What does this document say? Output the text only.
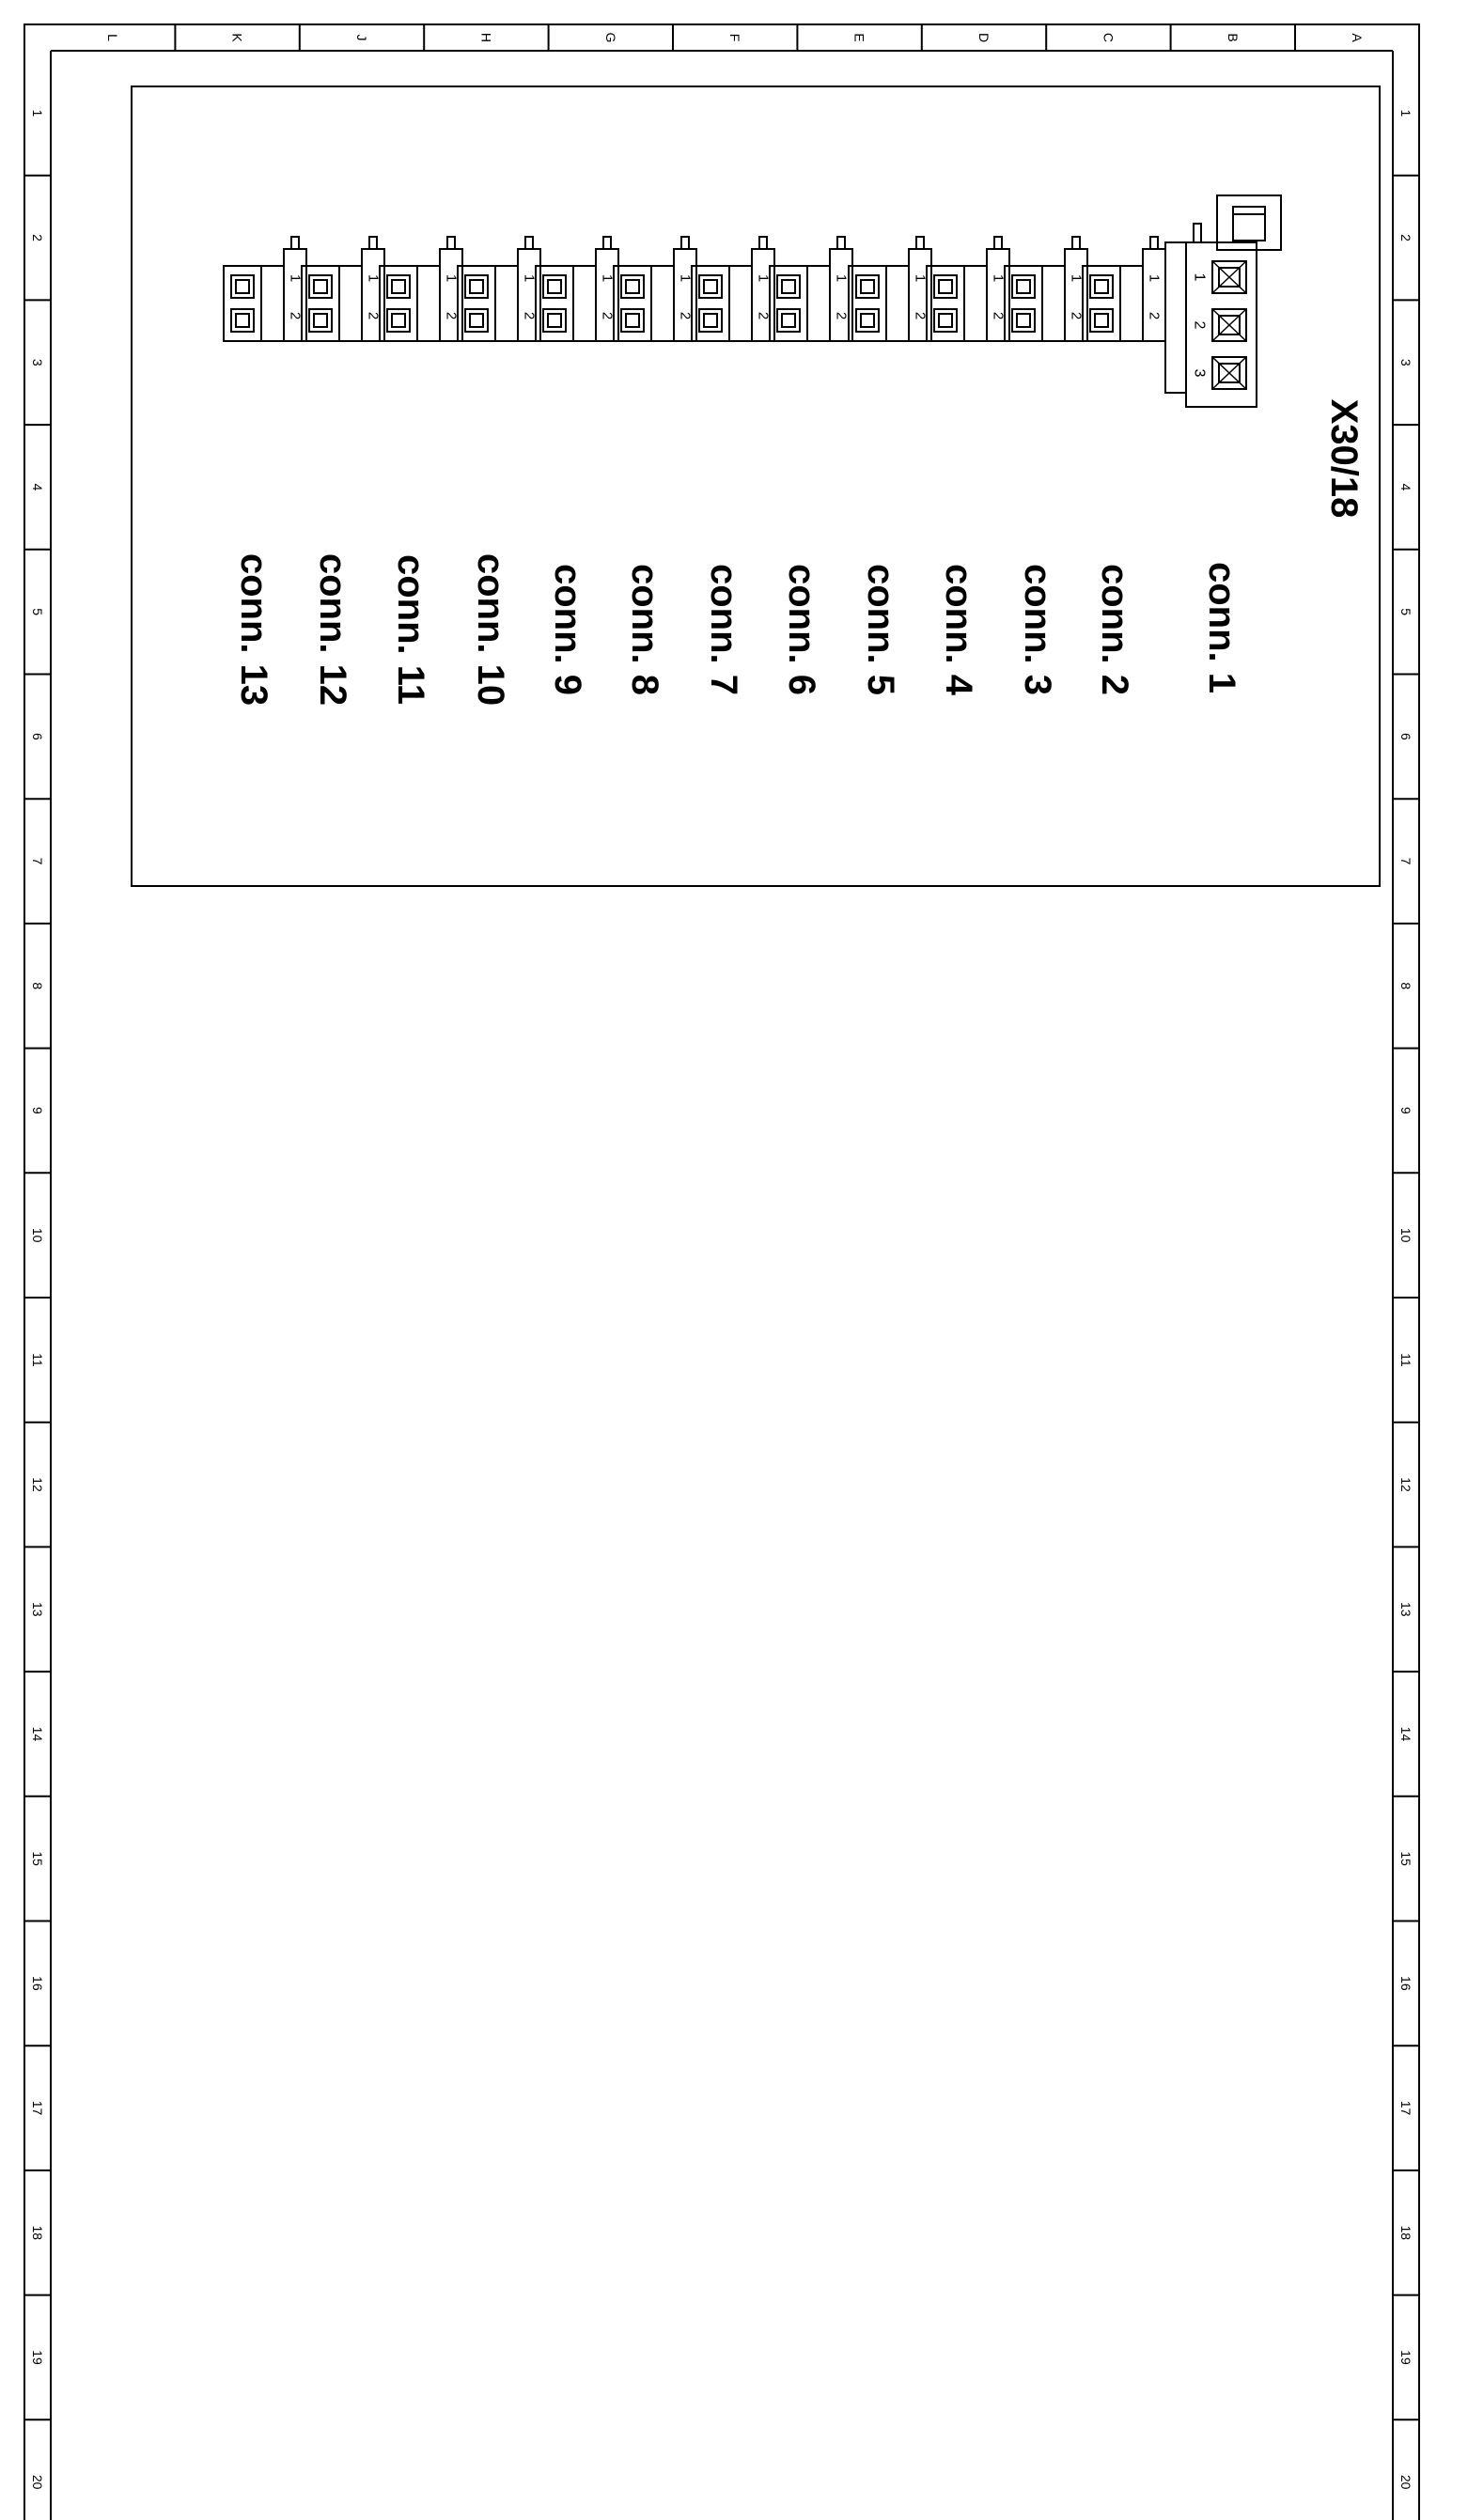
L	K	J	H	G	F	E	D	C	B	A
1
2
3
4
5
6
7
8
9
10
11
12
13
14
15
16
17
18
19
20
1
2
3
4
5
6
7
8
9
10
11
12
13
14
15
16
17
18
19
20
1
2
3
1
2
1
2
1
2
1
2
1
2
1
2
1
2
1
2
1
2
1
2
1
2
1
2
conn. 1
conn. 2
conn. 3
conn. 4
conn. 5
conn. 6
conn. 7
conn. 8
conn. 9
conn. 10
conn. 11
conn. 12
conn. 13
X30/18
